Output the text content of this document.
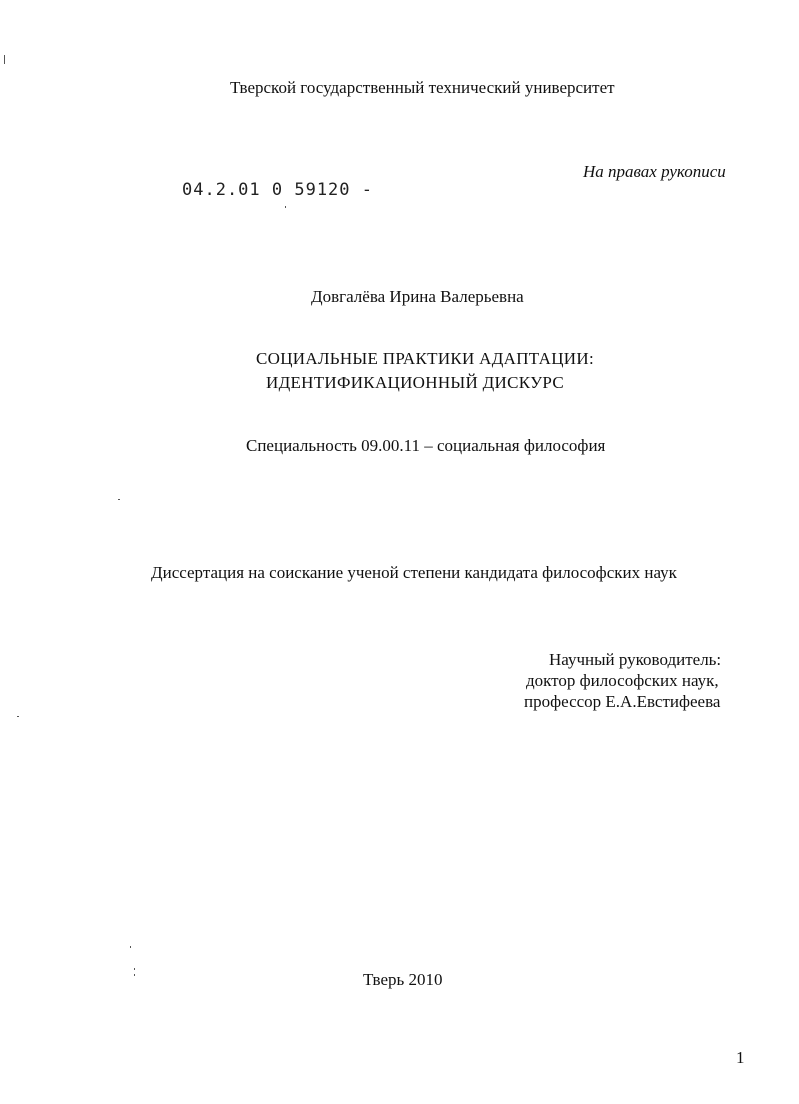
Тверской государственный технический университет
На правах рукописи
04.2.01 0 59120 -
Довгалёва Ирина Валерьевна
СОЦИАЛЬНЫЕ ПРАКТИКИ АДАПТАЦИИ:
ИДЕНТИФИКАЦИОННЫЙ ДИСКУРС
Специальность 09.00.11 – социальная философия
Диссертация на соискание ученой степени кандидата философских наук
Научный руководитель:
доктор философских наук,
профессор Е.А.Евстифеева
Тверь 2010
1
